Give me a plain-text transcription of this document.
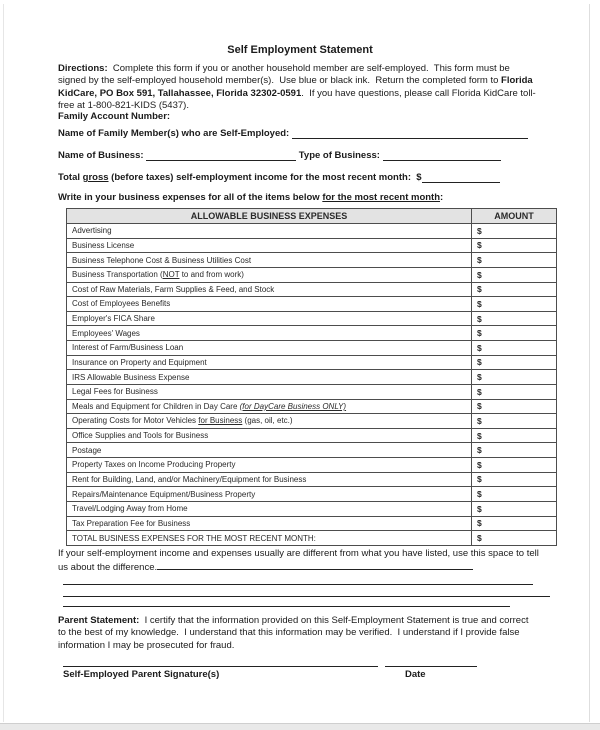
Self Employment Statement
Directions:  Complete this form if you or another household member are self-employed.  This form must be signed by the self-employed household member(s).  Use blue or black ink.  Return the completed form to Florida KidCare, PO Box 591, Tallahassee, Florida 32302-0591.  If you have questions, please call Florida KidCare toll-free at 1-800-821-KIDS (5437).
Family Account Number:
Name of Family Member(s) who are Self-Employed:
Name of Business:	Type of Business:
Total gross (before taxes) self-employment income for the most recent month:  $
Write in your business expenses for all of the items below for the most recent month :
ALLOWABLE BUSINESS EXPENSES	AMOUNT
Advertising	$
Business License	$
Business Telephone Cost & Business Utilities Cost	$
Business Transportation (NOT to and from work)	$
Cost of Raw Materials, Farm Supplies & Feed, and Stock	$
Cost of Employees Benefits	$
Employer's FICA Share	$
Employees' Wages	$
Interest of Farm/Business Loan	$
Insurance on Property and Equipment	$
IRS Allowable Business Expense	$
Legal Fees for Business	$
Meals and Equipment for Children in Day Care (for DayCare Business ONLY)	$
Operating Costs for Motor Vehicles for Business (gas, oil, etc.)	$
Office Supplies and Tools for Business	$
Postage	$
Property Taxes on Income Producing Property	$
Rent for Building, Land, and/or Machinery/Equipment for Business	$
Repairs/Maintenance Equipment/Business Property	$
Travel/Lodging Away from Home	$
Tax Preparation Fee for Business	$
TOTAL BUSINESS EXPENSES FOR THE MOST RECENT MONTH:	$
If your self-employment income and expenses usually are different from what you have listed, use this space to tell us about the difference.
Parent Statement:  I certify that the information provided on this Self-Employment Statement is true and correct to the best of my knowledge.  I understand that this information may be verified.  I understand if I provide false information I may be prosecuted for fraud.
Self-Employed Parent Signature(s)	Date
